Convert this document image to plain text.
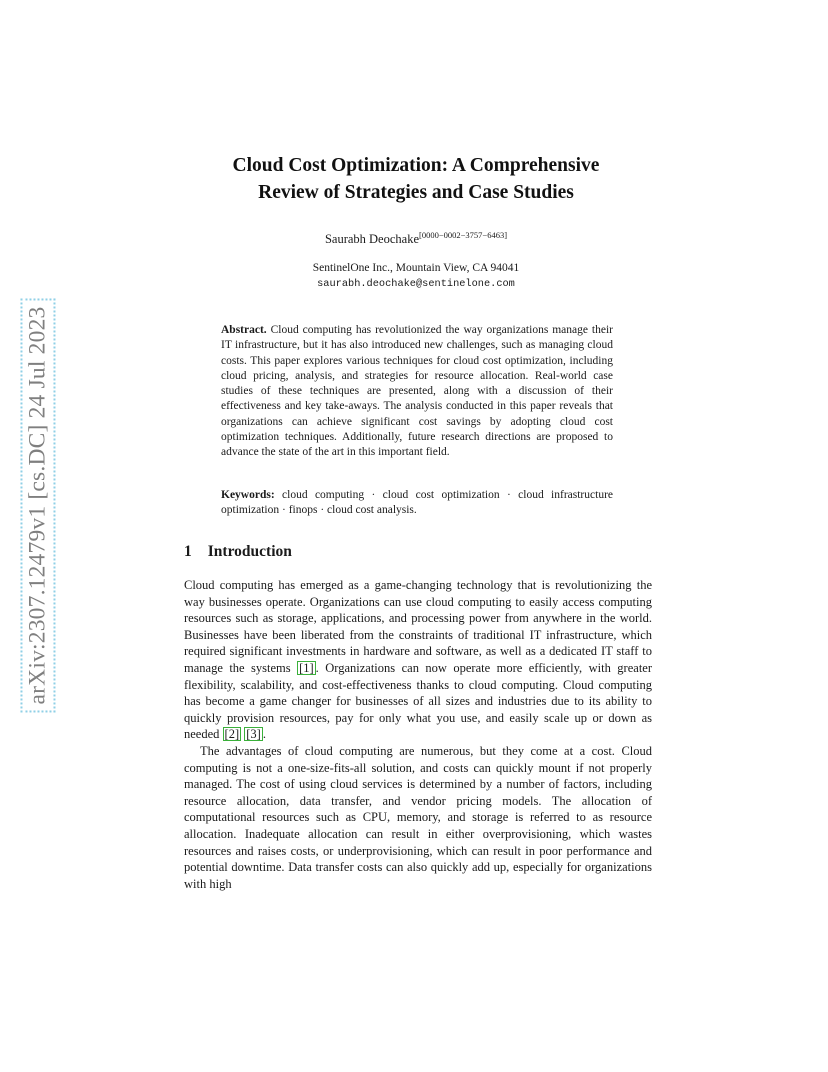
arXiv:2307.12479v1 [cs.DC] 24 Jul 2023
Cloud Cost Optimization: A Comprehensive
Review of Strategies and Case Studies
Saurabh Deochake[0000−0002−3757−6463]
SentinelOne Inc., Mountain View, CA 94041
saurabh.deochake@sentinelone.com
Abstract. Cloud computing has revolutionized the way organizations manage their IT infrastructure, but it has also introduced new challenges, such as managing cloud costs. This paper explores various techniques for cloud cost optimization, including cloud pricing, analysis, and strategies for resource allocation. Real-world case studies of these techniques are presented, along with a discussion of their effectiveness and key take-aways. The analysis conducted in this paper reveals that organizations can achieve significant cost savings by adopting cloud cost optimization techniques. Additionally, future research directions are proposed to advance the state of the art in this important field.
Keywords: cloud computing · cloud cost optimization · cloud infrastructure optimization · finops · cloud cost analysis.
1 Introduction

Cloud computing has emerged as a game-changing technology that is revolutionizing the way businesses operate. Organizations can use cloud computing to easily access computing resources such as storage, applications, and processing power from anywhere in the world. Businesses have been liberated from the constraints of traditional IT infrastructure, which required significant investments in hardware and software, as well as a dedicated IT staff to manage the systems [1] . Organizations can now operate more efficiently, with greater flexibility, scalability, and cost-effectiveness thanks to cloud computing. Cloud computing has become a game changer for businesses of all sizes and industries due to its ability to quickly provision resources, pay for only what you use, and easily scale up or down as needed [2] [3] .

The advantages of cloud computing are numerous, but they come at a cost. Cloud computing is not a one-size-fits-all solution, and costs can quickly mount if not properly managed. The cost of using cloud services is determined by a number of factors, including resource allocation, data transfer, and vendor pricing models. The allocation of computational resources such as CPU, memory, and storage is referred to as resource allocation. Inadequate allocation can result in either overprovisioning, which wastes resources and raises costs, or underprovisioning, which can result in poor performance and potential downtime. Data transfer costs can also quickly add up, especially for organizations with high
